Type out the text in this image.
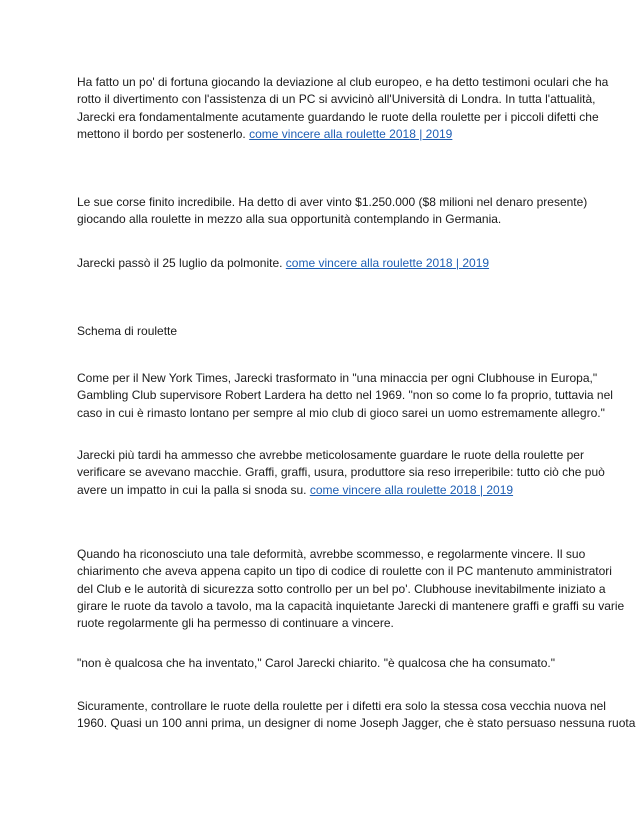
Ha fatto un po' di fortuna giocando la deviazione al club europeo, e ha detto testimoni oculari che ha
rotto il divertimento con l'assistenza di un PC si avvicinò all'Università di Londra. In tutta l'attualità,
Jarecki era fondamentalmente acutamente guardando le ruote della roulette per i piccoli difetti che
mettono il bordo per sostenerlo. come vincere alla roulette 2018 | 2019

Le sue corse finito incredibile. Ha detto di aver vinto $1.250.000 ($8 milioni nel denaro presente)
giocando alla roulette in mezzo alla sua opportunità contemplando in Germania.

Jarecki passò il 25 luglio da polmonite. come vincere alla roulette 2018 | 2019

Schema di roulette

Come per il New York Times, Jarecki trasformato in "una minaccia per ogni Clubhouse in Europa,"
Gambling Club supervisore Robert Lardera ha detto nel 1969. "non so come lo fa proprio, tuttavia nel
caso in cui è rimasto lontano per sempre al mio club di gioco sarei un uomo estremamente allegro."

Jarecki più tardi ha ammesso che avrebbe meticolosamente guardare le ruote della roulette per
verificare se avevano macchie. Graffi, graffi, usura, produttore sia reso irreperibile: tutto ciò che può
avere un impatto in cui la palla si snoda su. come vincere alla roulette 2018 | 2019

Quando ha riconosciuto una tale deformità, avrebbe scommesso, e regolarmente vincere. Il suo
chiarimento che aveva appena capito un tipo di codice di roulette con il PC mantenuto amministratori
del Club e le autorità di sicurezza sotto controllo per un bel po'. Clubhouse inevitabilmente iniziato a
girare le ruote da tavolo a tavolo, ma la capacità inquietante Jarecki di mantenere graffi e graffi su varie
ruote regolarmente gli ha permesso di continuare a vincere.

"non è qualcosa che ha inventato," Carol Jarecki chiarito. "è qualcosa che ha consumato."

Sicuramente, controllare le ruote della roulette per i difetti era solo la stessa cosa vecchia nuova nel
1960. Quasi un 100 anni prima, un designer di nome Joseph Jagger, che è stato persuaso nessuna ruota
